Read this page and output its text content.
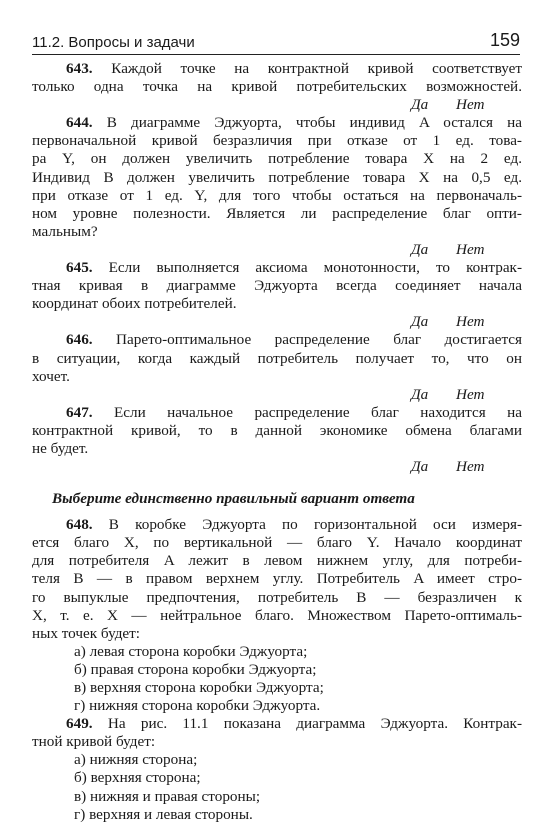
11.2. Вопросы и задачи	159
643. Каждой точке на контрактной кривой соответствует
только одна точка на кривой потребительских возможностей.
Да Нет
644. В диаграмме Эджуорта, чтобы индивид A остался на
первоначальной кривой безразличия при отказе от 1 ед. това-
ра Y, он должен увеличить потребление товара X на 2 ед.
Индивид B должен увеличить потребление товара X на 0,5 ед.
при отказе от 1 ед. Y, для того чтобы остаться на первоначаль-
ном уровне полезности. Является ли распределение благ опти-
мальным?
Да Нет
645. Если выполняется аксиома монотонности, то контрак-
тная кривая в диаграмме Эджуорта всегда соединяет начала
координат обоих потребителей.
Да Нет
646. Парето-оптимальное распределение благ достигается
в ситуации, когда каждый потребитель получает то, что он
хочет.
Да Нет
647. Если начальное распределение благ находится на
контрактной кривой, то в данной экономике обмена благами
не будет.
Да Нет
Выберите единственно правильный вариант ответа
648. В коробке Эджуорта по горизонтальной оси измеря-
ется благо X, по вертикальной — благо Y. Начало координат
для потребителя A лежит в левом нижнем углу, для потреби-
теля B — в правом верхнем углу. Потребитель A имеет стро-
го выпуклые предпочтения, потребитель B — безразличен к
X, т. е. X — нейтральное благо. Множеством Парето-оптималь-
ных точек будет:
а) левая сторона коробки Эджуорта;
б) правая сторона коробки Эджуорта;
в) верхняя сторона коробки Эджуорта;
г) нижняя сторона коробки Эджуорта.
649. На рис. 11.1 показана диаграмма Эджуорта. Контрак-
тной кривой будет:
а) нижняя сторона;
б) верхняя сторона;
в) нижняя и правая стороны;
г) верхняя и левая стороны.
